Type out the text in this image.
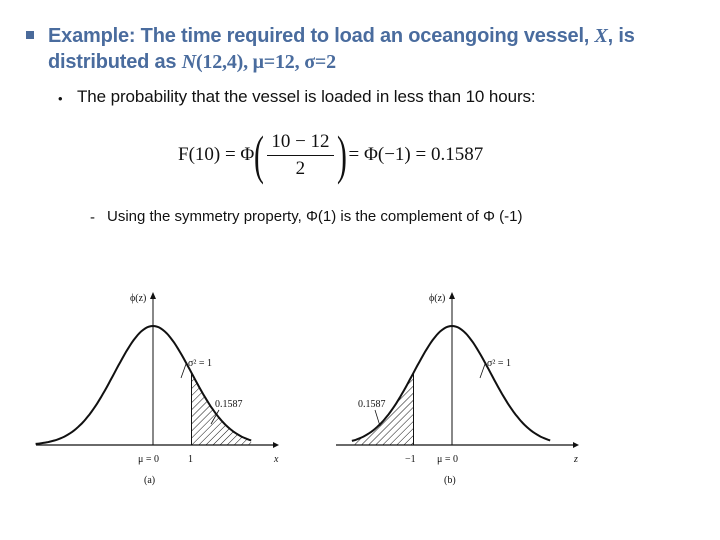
Example: The time required to load an oceangoing vessel, X, is
distributed as N(12,4), μ=12, σ=2
• The probability that the vessel is loaded in less than 10 hours:
F(10) = Φ ( $\frac{10 - 12}{2}$ ) = Φ(−1) = 0.1587
- Using the symmetry property, Φ(1) is the complement of Φ (-1)
ϕ(z)
σ² = 1
0.1587
μ = 0	1	x
(a)
ϕ(z)
σ² = 1
0.1587
−1 μ = 0	z
(b)
